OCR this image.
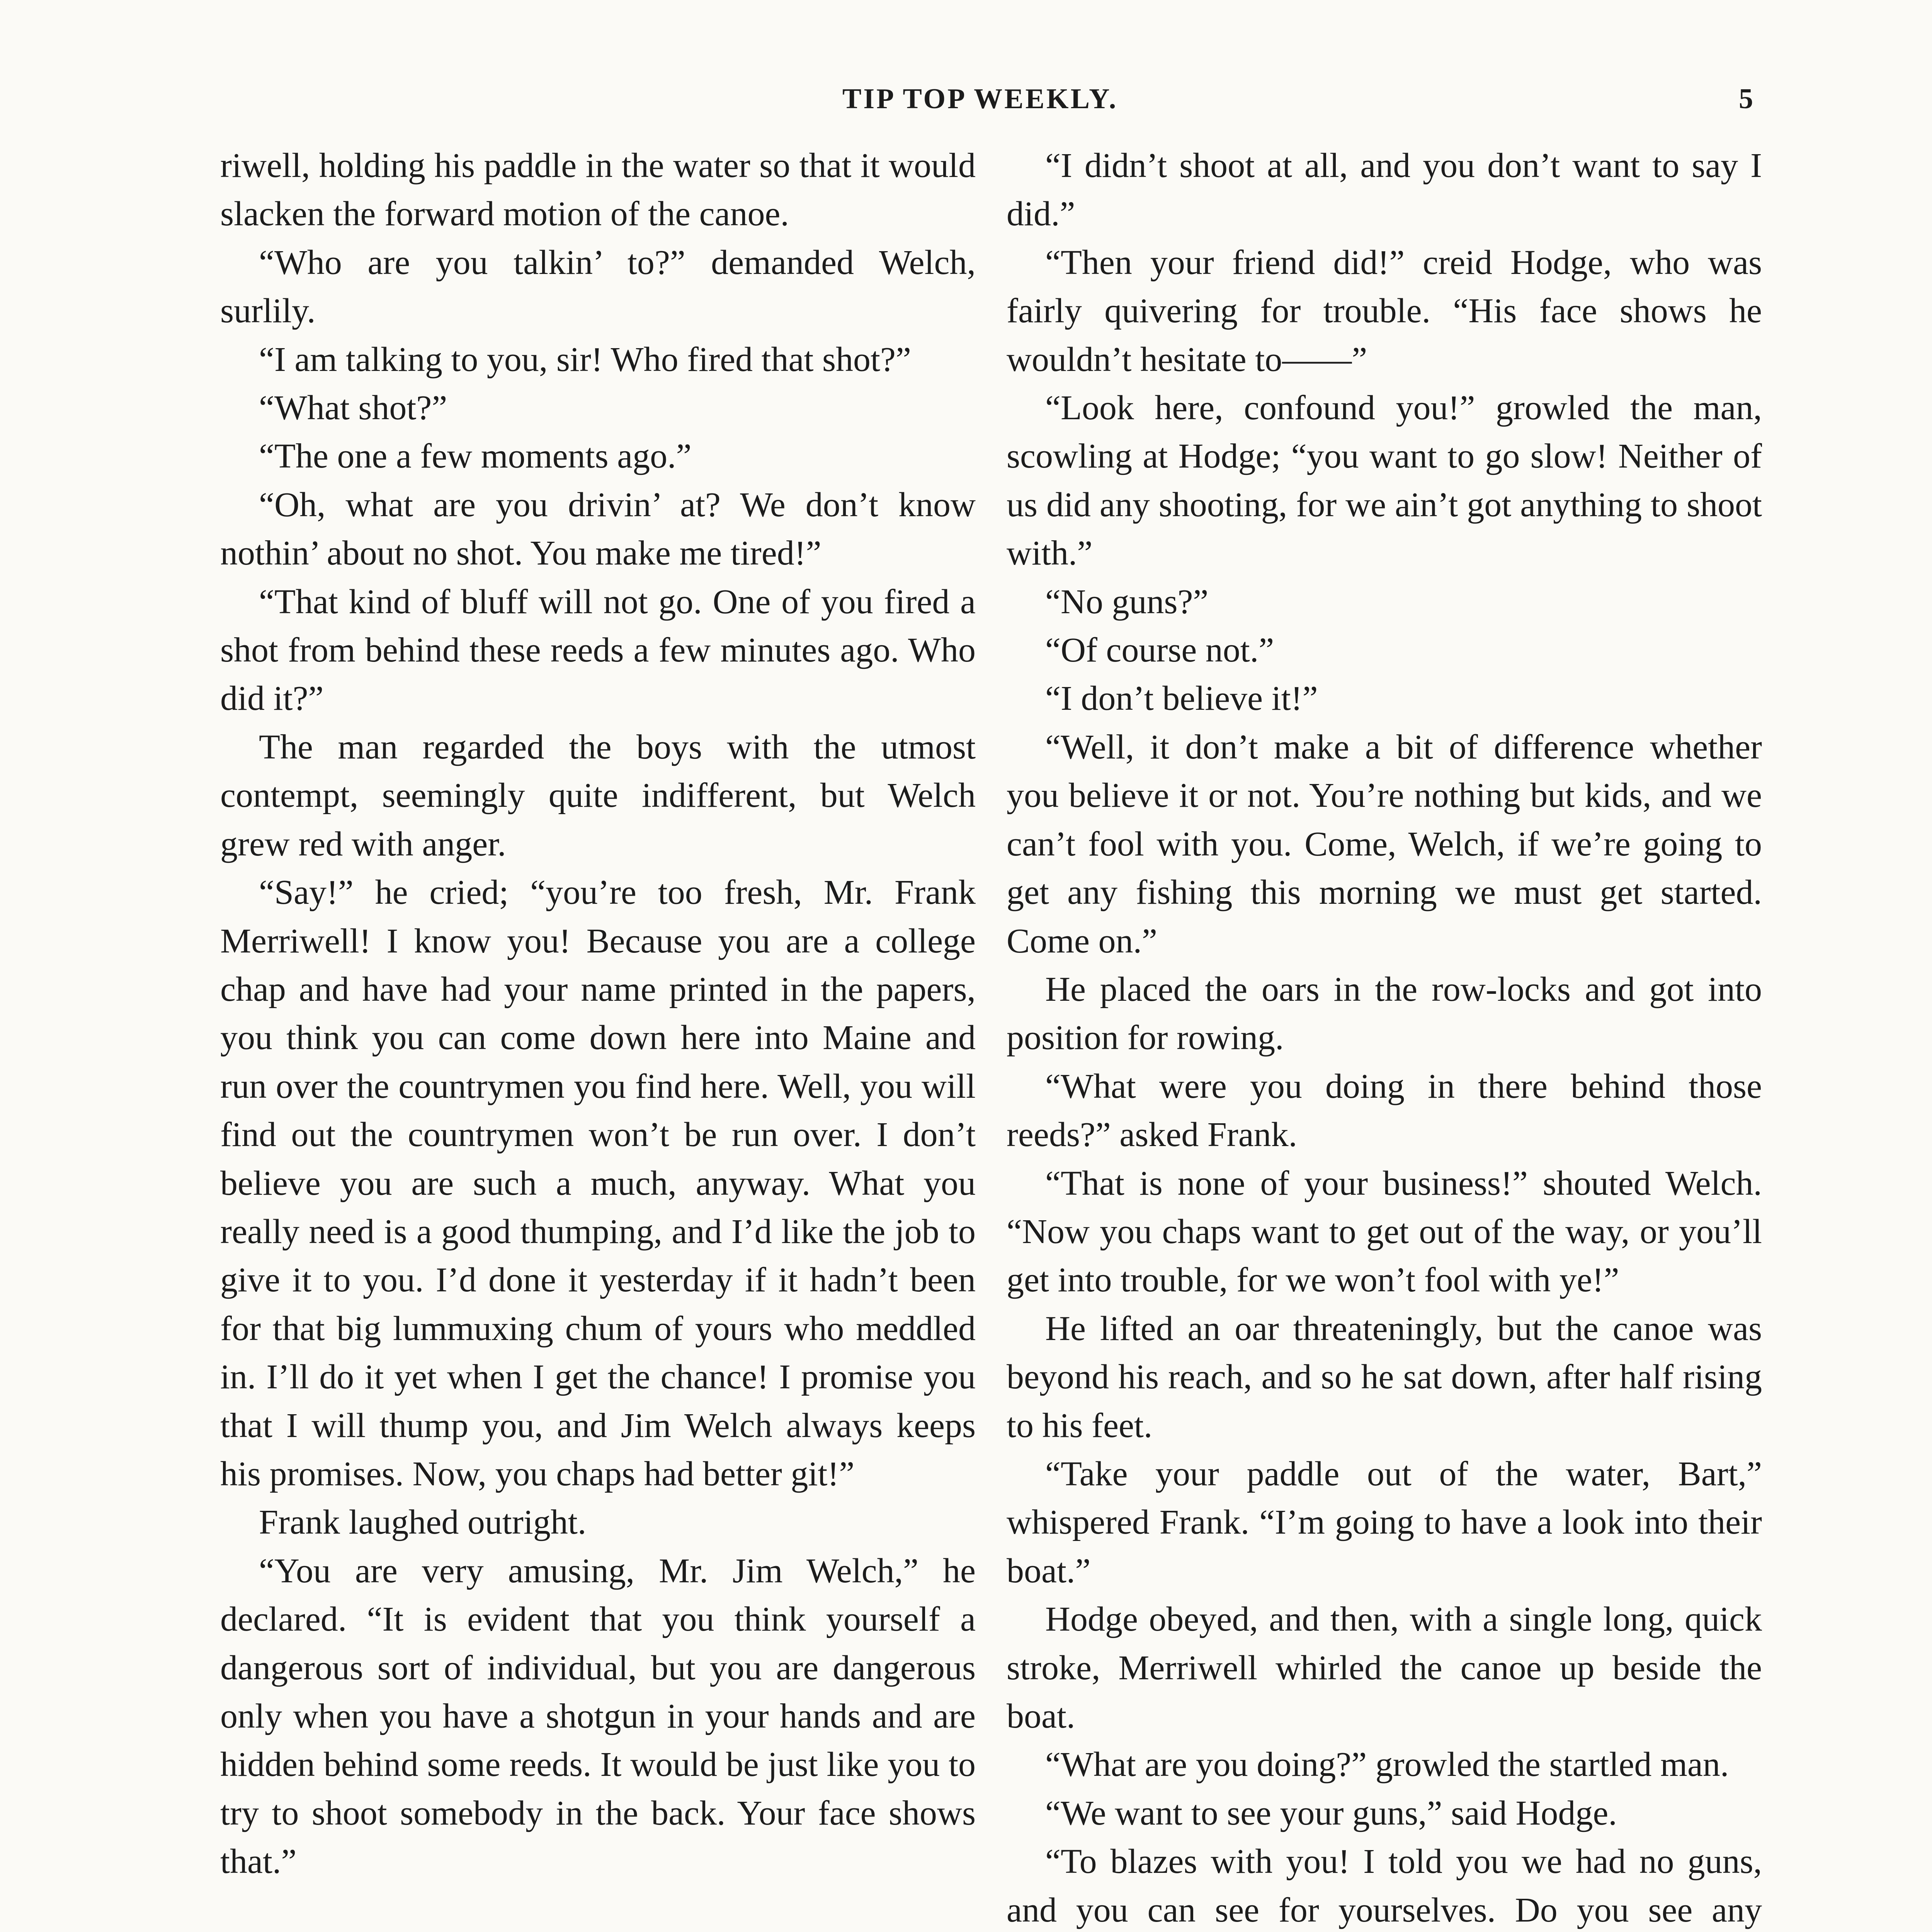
TIP TOP WEEKLY.	5

riwell, holding his paddle in the water so that it would slacken the forward motion of the canoe.

“Who are you talkin’ to?” demanded Welch, surlily.

“I am talking to you, sir! Who fired that shot?”

“What shot?”

“The one a few moments ago.”

“Oh, what are you drivin’ at? We don’t know nothin’ about no shot. You make me tired!”

“That kind of bluff will not go. One of you fired a shot from behind these reeds a few minutes ago. Who did it?”

The man regarded the boys with the utmost contempt, seemingly quite indifferent, but Welch grew red with anger.

“Say!” he cried; “you’re too fresh, Mr. Frank Merriwell! I know you! Because you are a college chap and have had your name printed in the papers, you think you can come down here into Maine and run over the countrymen you find here. Well, you will find out the countrymen won’t be run over. I don’t believe you are such a much, anyway. What you really need is a good thumping, and I’d like the job to give it to you. I’d done it yesterday if it hadn’t been for that big lummuxing chum of yours who meddled in. I’ll do it yet when I get the chance! I promise you that I will thump you, and Jim Welch always keeps his promises. Now, you chaps had better git!”

Frank laughed outright.

“You are very amusing, Mr. Jim Welch,” he declared. “It is evident that you think yourself a dangerous sort of individual, but you are dangerous only when you have a shotgun in your hands and are hidden behind some reeds. It would be just like you to try to shoot somebody in the back. Your face shows that.”

“I didn’t shoot at all, and you don’t want to say I did.”

“Then your friend did!” creid Hodge, who was fairly quivering for trouble. “His face shows he wouldn’t hesitate to——”

“Look here, confound you!” growled the man, scowling at Hodge; “you want to go slow! Neither of us did any shooting, for we ain’t got anything to shoot with.”

“No guns?”

“Of course not.”

“I don’t believe it!”

“Well, it don’t make a bit of difference whether you believe it or not. You’re nothing but kids, and we can’t fool with you. Come, Welch, if we’re going to get any fishing this morning we must get started. Come on.”

He placed the oars in the row-locks and got into position for rowing.

“What were you doing in there behind those reeds?” asked Frank.

“That is none of your business!” shouted Welch. “Now you chaps want to get out of the way, or you’ll get into trouble, for we won’t fool with ye!”

He lifted an oar threateningly, but the canoe was beyond his reach, and so he sat down, after half rising to his feet.

“Take your paddle out of the water, Bart,” whispered Frank. “I’m going to have a look into their boat.”

Hodge obeyed, and then, with a single long, quick stroke, Merriwell whirled the canoe up beside the boat.

“What are you doing?” growled the startled man.

“We want to see your guns,” said Hodge.

“To blazes with you! I told you we had no guns, and you can see for yourselves. Do you see any
